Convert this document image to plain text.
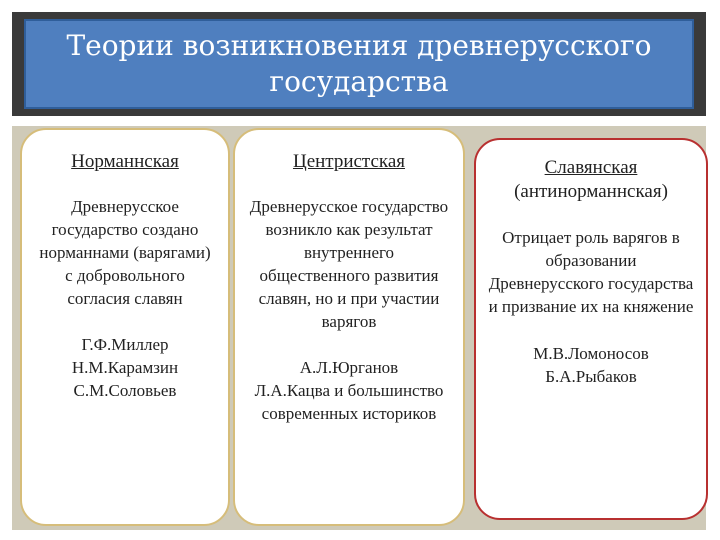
Теории возникновения древнерусского государства

Норманнская

Древнерусское государство создано норманнами (варягами) с добровольного согласия славян

Г.Ф.Миллер
Н.М.Карамзин
С.М.Соловьев

Центристская

Древнерусское государство возникло как результат внутреннего общественного развития славян, но и при участии варягов

А.Л.Юрганов
Л.А.Кацва и большинство современных историков

Славянская

(антинорманнская)

Отрицает роль варягов в образовании Древнерусского государства и призвание их на княжение

М.В.Ломоносов
Б.А.Рыбаков
